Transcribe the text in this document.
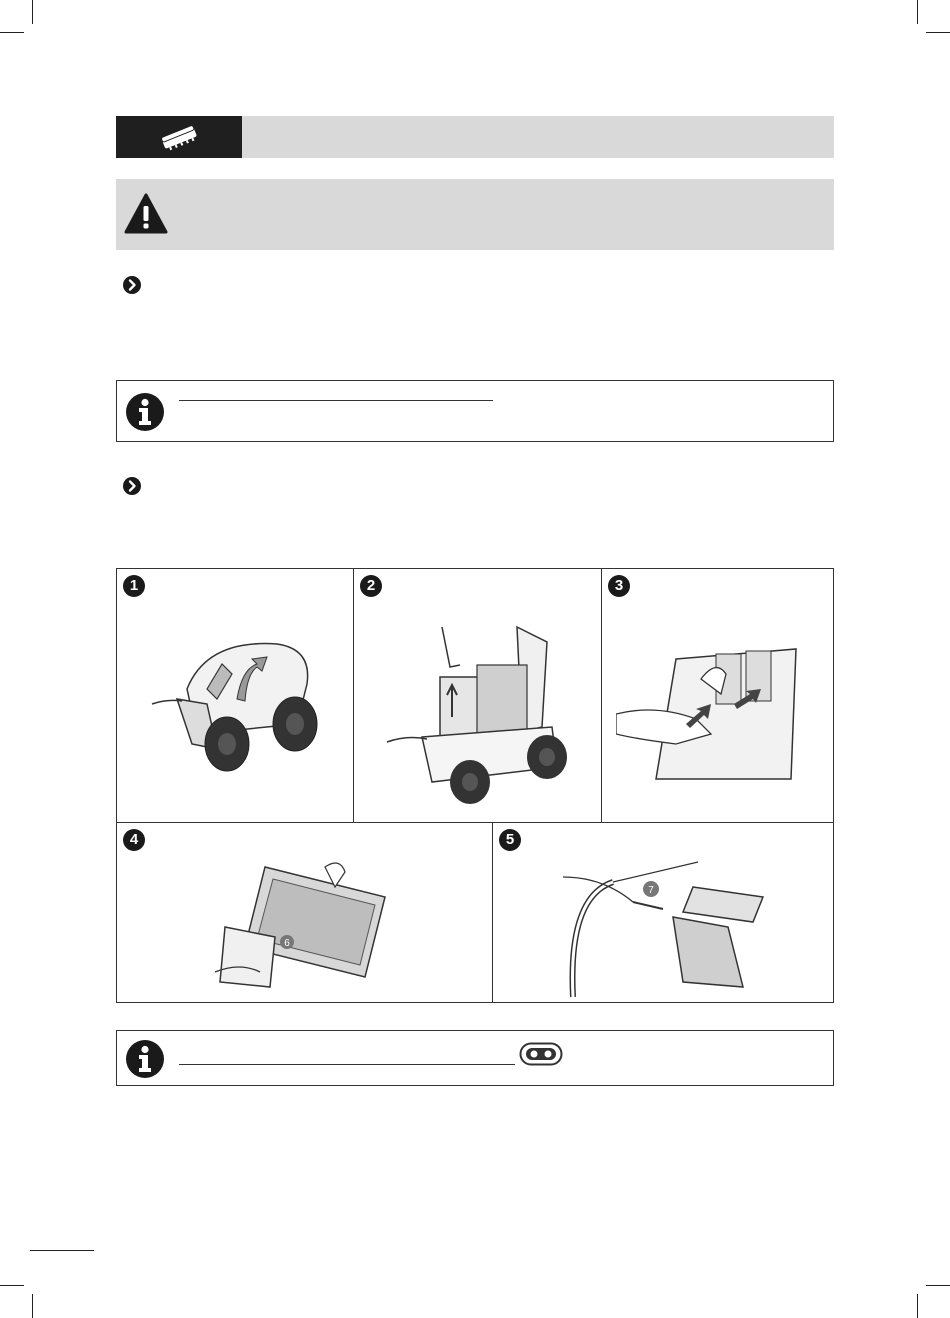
1	2	3
4
6
5
7
